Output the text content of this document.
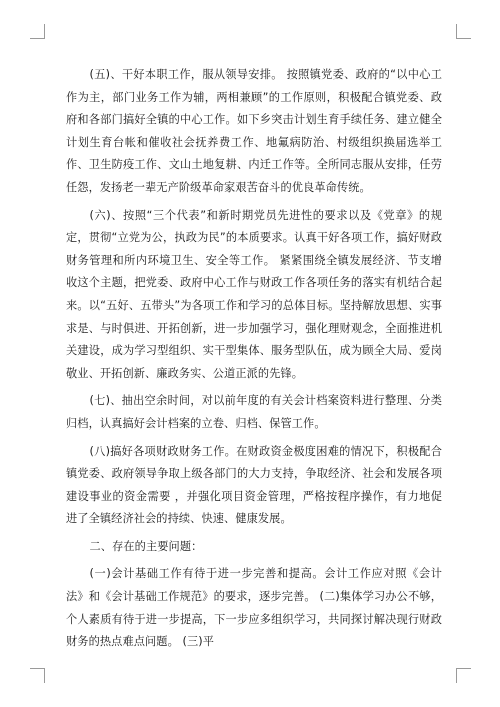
(五)、干好本职工作，服从领导安排。 按照镇党委、政府的“以中心工作为主，部门业务工作为辅，两相兼顾”的工作原则，积极配合镇党委、政府和各部门搞好全镇的中心工作。如下乡突击计划生育手续任务、建立健全计划生育台帐和催收社会抚养费工作、地氟病防治、村级组织换届选举工作、卫生防疫工作、文山土地复耕、内迁工作等。全所同志服从安排，任劳任怨，发扬老一辈无产阶级革命家艰苦奋斗的优良革命传统。

(六)、按照“三个代表”和新时期党员先进性的要求以及《党章》的规定，贯彻“立党为公，执政为民”的本质要求。认真干好各项工作，搞好财政财务管理和所内环境卫生、安全等工作。 紧紧围绕全镇发展经济、节支增收这个主题，把党委、政府中心工作与财政工作各项任务的落实有机结合起来。以“五好、五带头”为各项工作和学习的总体目标。坚持解放思想、实事求是、与时俱进、开拓创新，进一步加强学习，强化理财观念，全面推进机关建设，成为学习型组织、实干型集体、服务型队伍，成为顾全大局、爱岗敬业、开拓创新、廉政务实、公道正派的先锋。

(七)、抽出空余时间，对以前年度的有关会计档案资料进行整理、分类归档，认真搞好会计档案的立卷、归档、保管工作。

(八)搞好各项财政财务工作。在财政资金极度困难的情况下，积极配合镇党委、政府领导争取上级各部门的大力支持，争取经济、社会和发展各项建设事业的资金需要 ，并强化项目资金管理，严格按程序操作，有力地促进了全镇经济社会的持续、快速、健康发展。

二、存在的主要问题：

(一)会计基础工作有待于进一步完善和提高。会计工作应对照《会计法》和《会计基础工作规范》的要求，逐步完善。 (二)集体学习办公不够，个人素质有待于进一步提高，下一步应多组织学习，共同探讨解决现行财政财务的热点难点问题。 (三)平
